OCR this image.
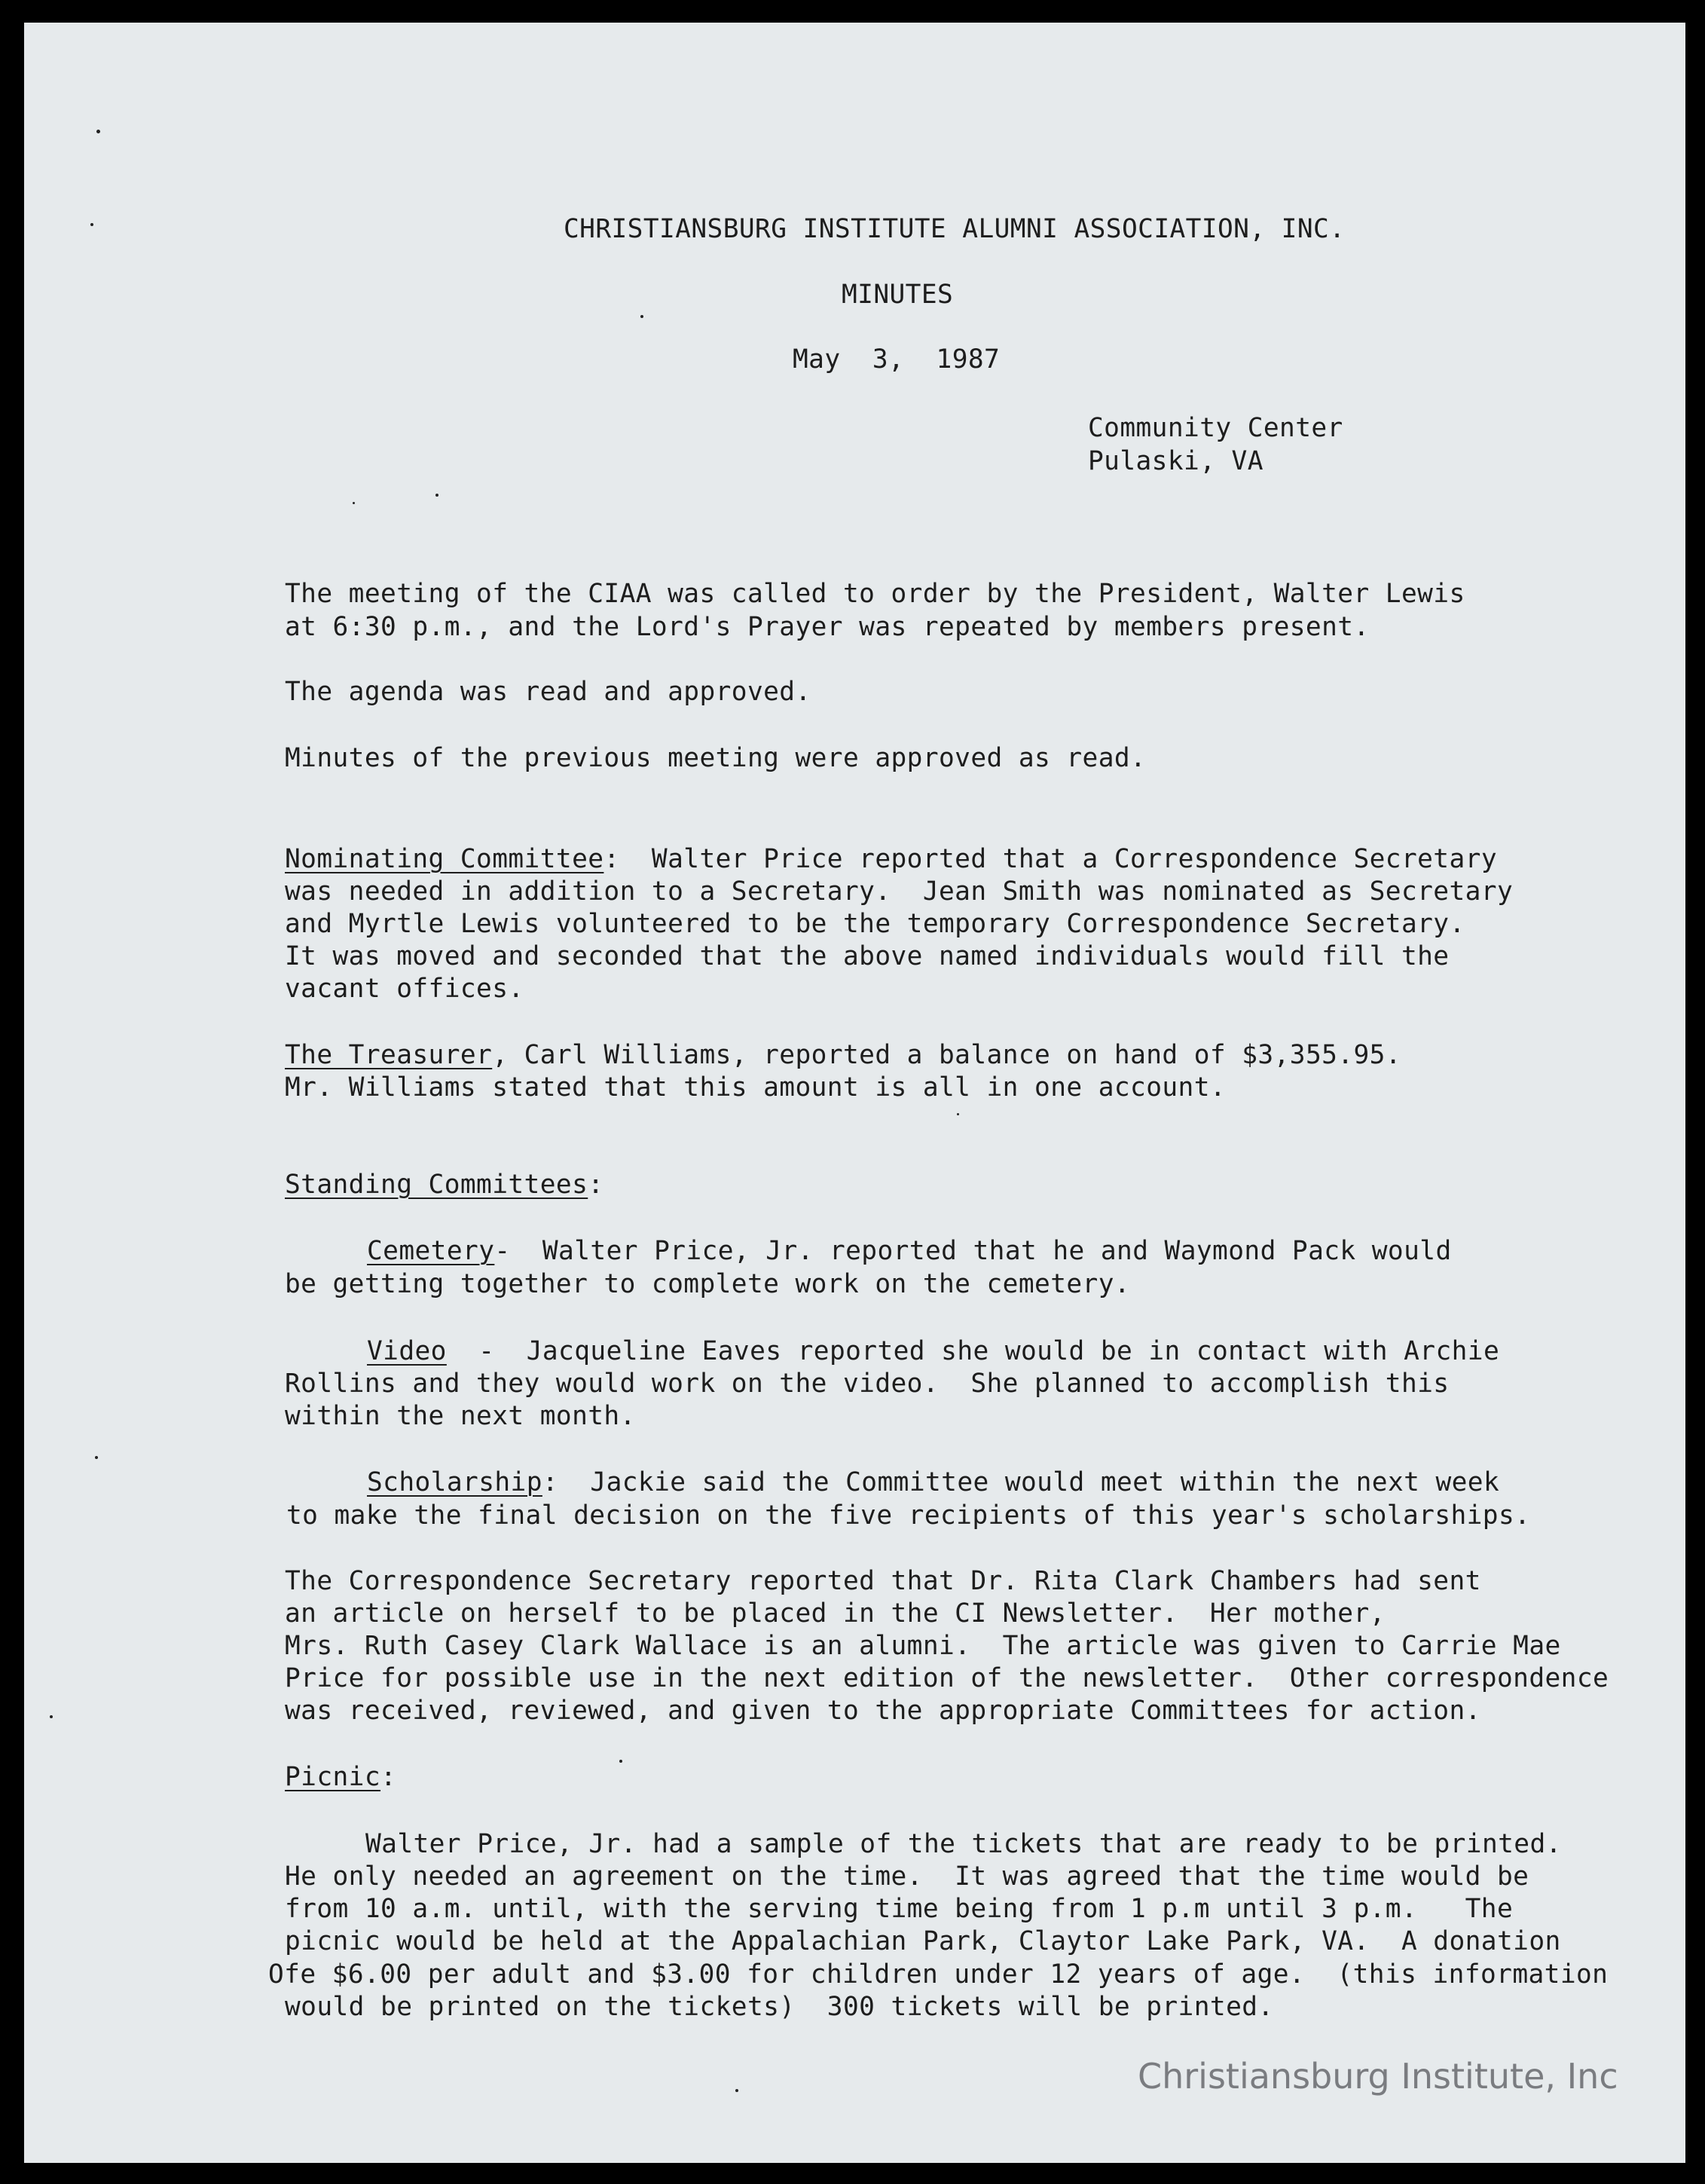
CHRISTIANSBURG INSTITUTE ALUMNI ASSOCIATION, INC.
MINUTES
May  3,  1987
Community Center
Pulaski, VA
The meeting of the CIAA was called to order by the President, Walter Lewis
at 6:30 p.m., and the Lord's Prayer was repeated by members present.
The agenda was read and approved.
Minutes of the previous meeting were approved as read.
Nominating Committee:  Walter Price reported that a Correspondence Secretary
was needed in addition to a Secretary.  Jean Smith was nominated as Secretary
and Myrtle Lewis volunteered to be the temporary Correspondence Secretary.
It was moved and seconded that the above named individuals would fill the
vacant offices.
The Treasurer, Carl Williams, reported a balance on hand of $3,355.95.
Mr. Williams stated that this amount is all in one account.
Standing Committees:
Cemetery-  Walter Price, Jr. reported that he and Waymond Pack would
be getting together to complete work on the cemetery.
Video  -  Jacqueline Eaves reported she would be in contact with Archie
Rollins and they would work on the video.  She planned to accomplish this
within the next month.
Scholarship:  Jackie said the Committee would meet within the next week
to make the final decision on the five recipients of this year's scholarships.
The Correspondence Secretary reported that Dr. Rita Clark Chambers had sent
an article on herself to be placed in the CI Newsletter.  Her mother,
Mrs. Ruth Casey Clark Wallace is an alumni.  The article was given to Carrie Mae
Price for possible use in the next edition of the newsletter.  Other correspondence
was received, reviewed, and given to the appropriate Committees for action.
Picnic:
Walter Price, Jr. had a sample of the tickets that are ready to be printed.
He only needed an agreement on the time.  It was agreed that the time would be
from 10 a.m. until, with the serving time being from 1 p.m until 3 p.m.   The
picnic would be held at the Appalachian Park, Claytor Lake Park, VA.  A donation
Ofe $6.00 per adult and $3.00 for children under 12 years of age.  (this information
would be printed on the tickets)  300 tickets will be printed.
Christiansburg Institute, Inc
